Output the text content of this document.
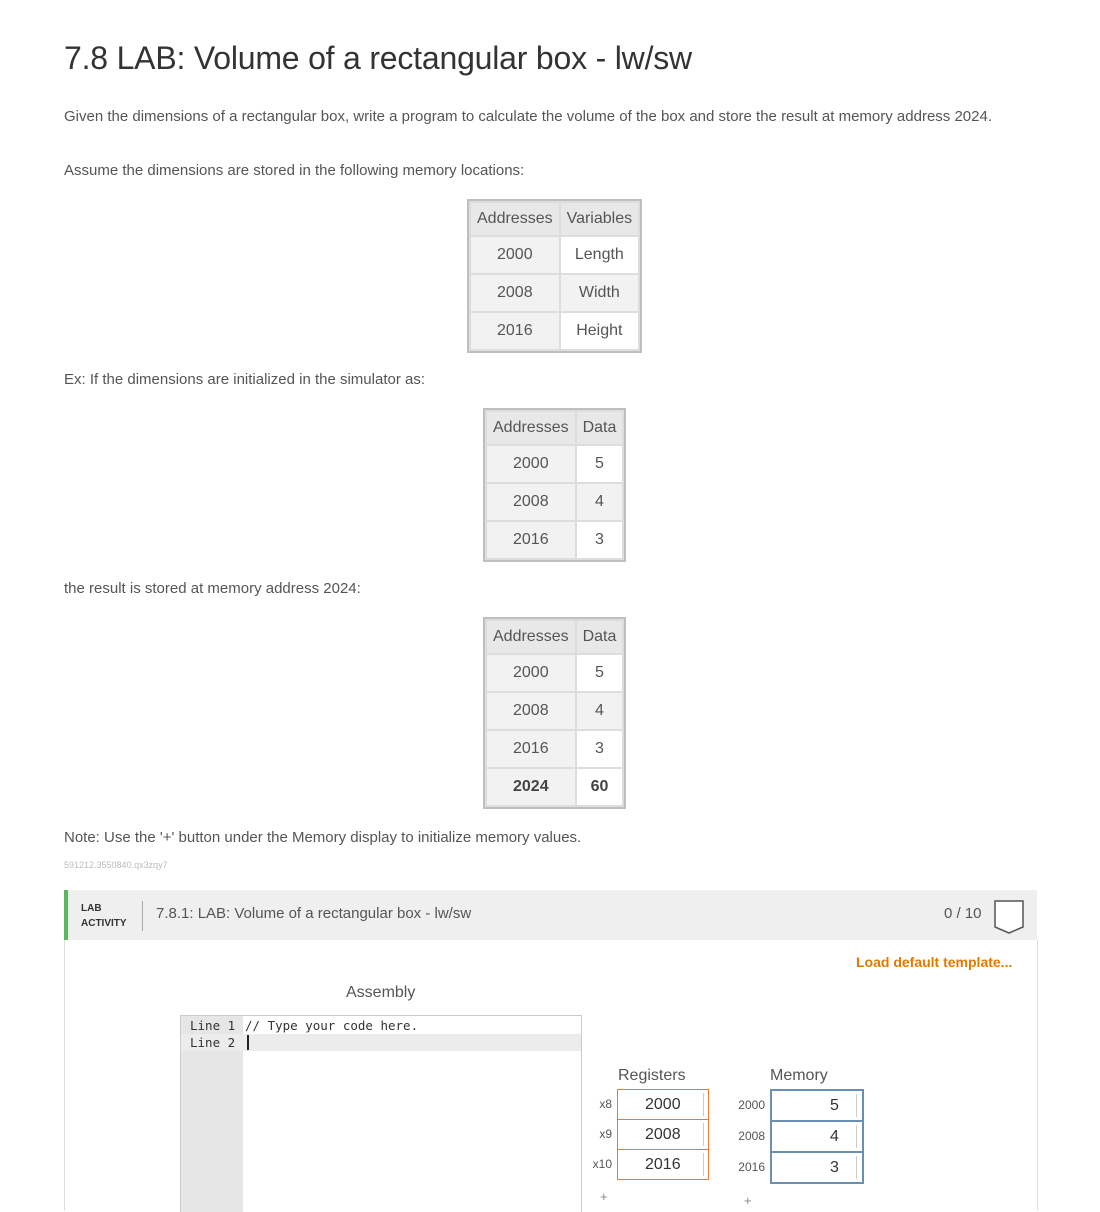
7.8 LAB: Volume of a rectangular box - lw/sw
Given the dimensions of a rectangular box, write a program to calculate the volume of the box and store the result at memory address 2024.
Assume the dimensions are stored in the following memory locations:
Addresses	Variables
2000	Length
2008	Width
2016	Height
Ex: If the dimensions are initialized in the simulator as:
Addresses	Data
2000	5
2008	4
2016	3
the result is stored at memory address 2024:
Addresses	Data
2000	5
2008	4
2016	3
2024	60
Note: Use the '+' button under the Memory display to initialize memory values.
591212.3550840.qx3zqy7
LAB
ACTIVITY
7.8.1: LAB: Volume of a rectangular box - lw/sw	0 / 10
Load default template...
Assembly
Line 1 // Type your code here.
Line 2
Registers
x8	2000
x9	2008
x10	2016
+
Memory
2000	5
2008	4
2016	3
+
